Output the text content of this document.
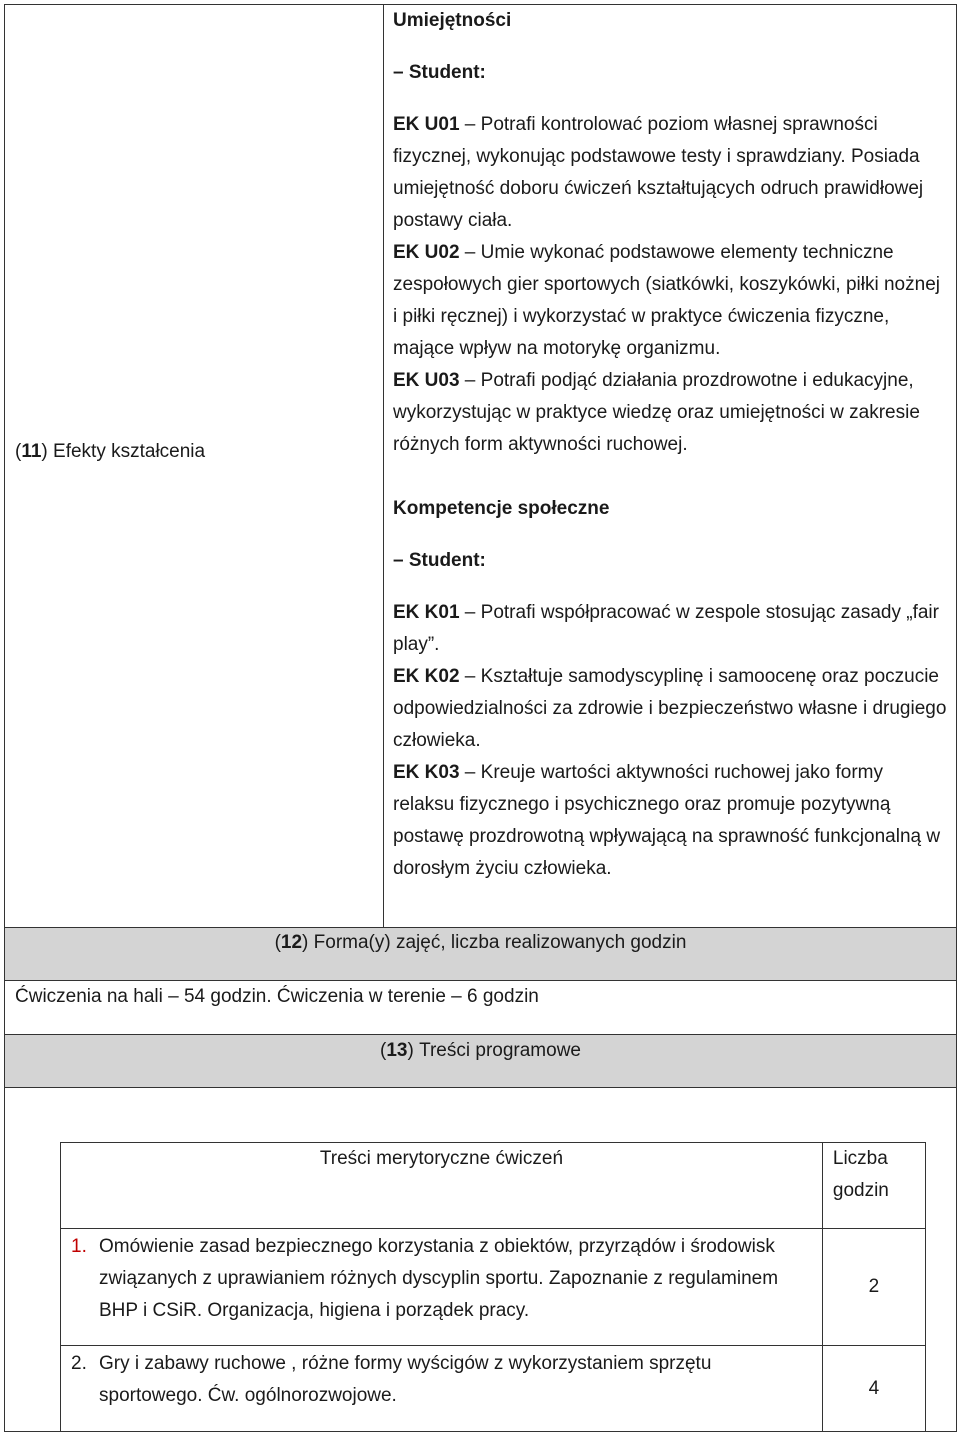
(11) Efekty kształcenia
Umiejętności
– Student:
EK U01 – Potrafi kontrolować poziom własnej sprawności fizycznej, wykonując podstawowe testy i sprawdziany. Posiada umiejętność doboru ćwiczeń kształtujących odruch prawidłowej postawy ciała.
EK U02 – Umie wykonać podstawowe elementy techniczne zespołowych gier sportowych (siatkówki, koszykówki, piłki nożnej i piłki ręcznej) i wykorzystać w praktyce ćwiczenia fizyczne, mające wpływ na motorykę organizmu.
EK U03 – Potrafi podjąć działania prozdrowotne i edukacyjne, wykorzystując w praktyce wiedzę oraz umiejętności w zakresie różnych form aktywności ruchowej.
Kompetencje społeczne
– Student:
EK K01 – Potrafi współpracować w zespole stosując zasady „fair play”.
EK K02 – Kształtuje samodyscyplinę i samoocenę oraz poczucie odpowiedzialności za zdrowie i bezpieczeństwo własne i drugiego człowieka.
EK K03 – Kreuje wartości aktywności ruchowej jako formy relaksu fizycznego i psychicznego oraz promuje pozytywną postawę prozdrowotną wpływającą na sprawność funkcjonalną w dorosłym życiu człowieka.
(12) Forma(y) zajęć, liczba realizowanych godzin
Ćwiczenia na hali – 54 godzin. Ćwiczenia w terenie – 6 godzin
(13) Treści programowe
Treści merytoryczne ćwiczeń	Liczba godzin

1. Omówienie zasad bezpiecznego korzystania z obiektów, przyrządów i środowisk związanych z uprawianiem różnych dyscyplin sportu. Zapoznanie z regulaminem BHP i CSiR. Organizacja, higiena i porządek pracy.	2

2. Gry i zabawy ruchowe , różne formy wyścigów z wykorzystaniem sprzętu sportowego. Ćw. ogólnorozwojowe.	4
